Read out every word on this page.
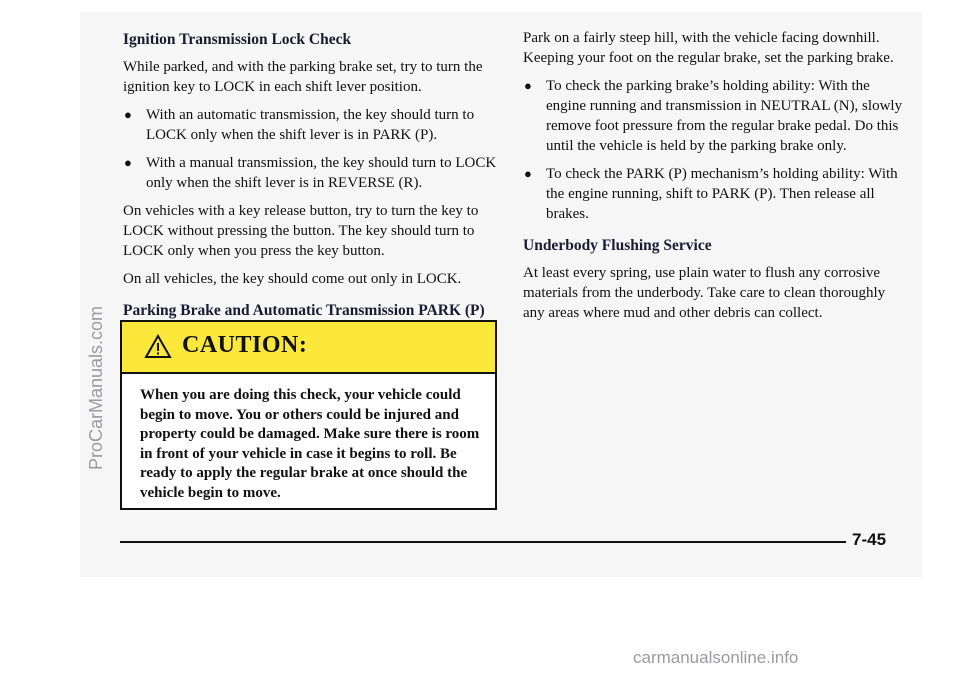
Ignition Transmission Lock Check

While parked, and with the parking brake set, try to turn the ignition key to LOCK in each shift lever position.

● With an automatic transmission, the key should turn to LOCK only when the shift lever is in PARK (P).
● With a manual transmission, the key should turn to LOCK only when the shift lever is in REVERSE (R).

On vehicles with a key release button, try to turn the key to LOCK without pressing the button. The key should turn to LOCK only when you press the key button.

On all vehicles, the key should come out only in LOCK.

Parking Brake and Automatic Transmission PARK (P)
CAUTION:
When you are doing this check, your vehicle could begin to move. You or others could be injured and property could be damaged. Make sure there is room in front of your vehicle in case it begins to roll. Be ready to apply the regular brake at once should the vehicle begin to move.

Park on a fairly steep hill, with the vehicle facing downhill. Keeping your foot on the regular brake, set the parking brake.

● To check the parking brake’s holding ability: With the engine running and transmission in NEUTRAL (N), slowly remove foot pressure from the regular brake pedal. Do this until the vehicle is held by the parking brake only.
● To check the PARK (P) mechanism’s holding ability: With the engine running, shift to PARK (P). Then release all brakes.
Underbody Flushing Service

At least every spring, use plain water to flush any corrosive materials from the underbody. Take care to clean thoroughly any areas where mud and other debris can collect.

7-45
ProCarManuals.com
carmanualsonline.info
